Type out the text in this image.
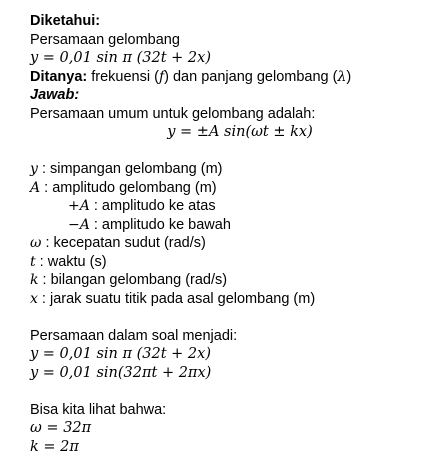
Diketahui:
Persamaan gelombang
y = 0,01 sin π (32t + 2x)
Ditanya: frekuensi (f) dan panjang gelombang (λ)
Jawab:
Persamaan umum untuk gelombang adalah:
y = ±A sin(ωt ± kx)
y : simpangan gelombang (m)
A : amplitudo gelombang (m)
+A : amplitudo ke atas
−A : amplitudo ke bawah
ω : kecepatan sudut (rad/s)
t : waktu (s)
k : bilangan gelombang (rad/s)
x : jarak suatu titik pada asal gelombang (m)
Persamaan dalam soal menjadi:
y = 0,01 sin π (32t + 2x)
y = 0,01 sin(32πt + 2πx)
Bisa kita lihat bahwa:
ω = 32π
k = 2π
